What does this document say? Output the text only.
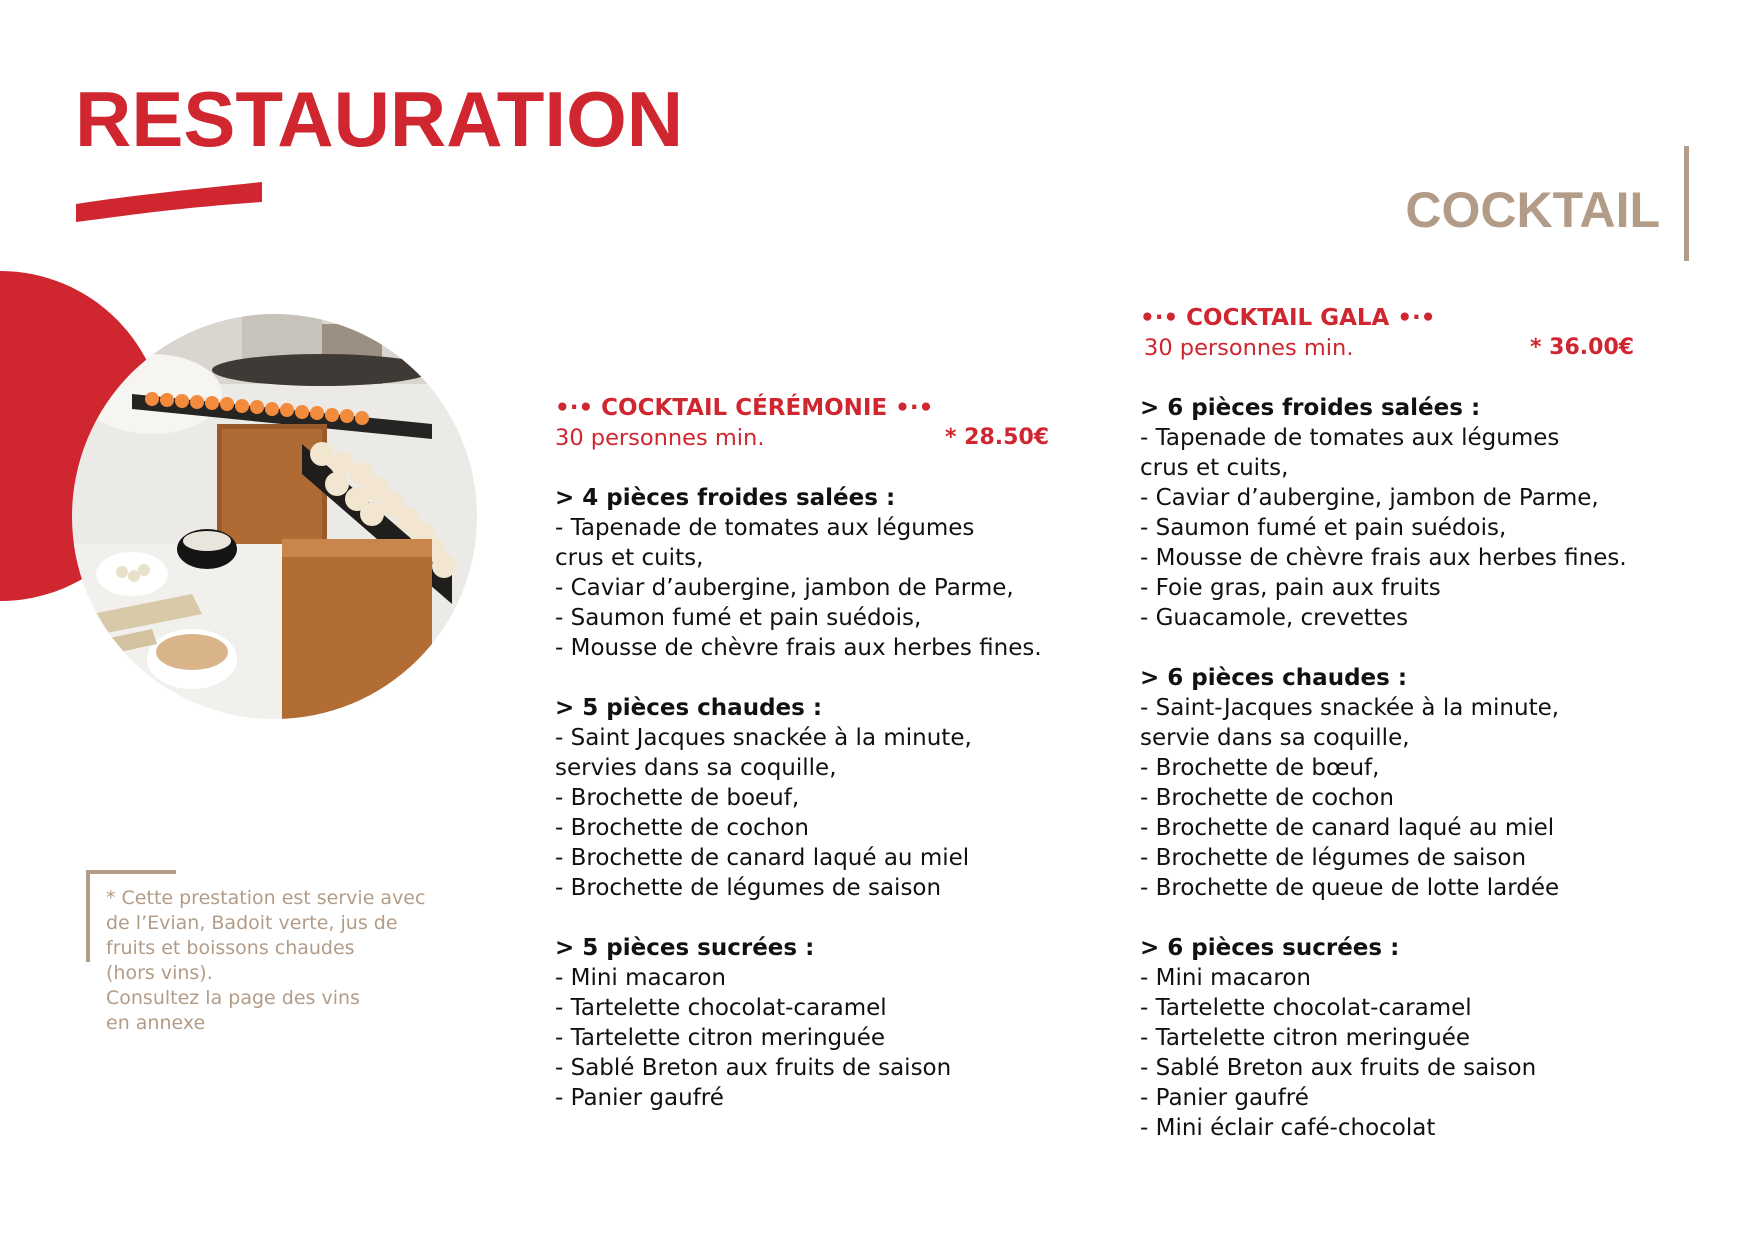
RESTAURATION
COCKTAIL

* Cette prestation est servie avec
de l’Evian, Badoit verte, jus de
fruits et boissons chaudes
(hors vins).
Consultez la page des vins
en annexe

•·• COCKTAIL CÉRÉMONIE •·•

30 personnes min.	* 28.50€

> 4 pièces froides salées :

- Tapenade de tomates aux légumes
crus et cuits,
- Caviar d’aubergine, jambon de Parme,
- Saumon fumé et pain suédois,
- Mousse de chèvre frais aux herbes fines.

> 5 pièces chaudes :

- Saint Jacques snackée à la minute,
servies dans sa coquille,
- Brochette de boeuf,
- Brochette de cochon
- Brochette de canard laqué au miel
- Brochette de légumes de saison

> 5 pièces sucrées :

- Mini macaron
- Tartelette chocolat-caramel
- Tartelette citron meringuée
- Sablé Breton aux fruits de saison
- Panier gaufré

•·• COCKTAIL GALA •·•

30 personnes min.	* 36.00€

> 6 pièces froides salées :

- Tapenade de tomates aux légumes
crus et cuits,
- Caviar d’aubergine, jambon de Parme,
- Saumon fumé et pain suédois,
- Mousse de chèvre frais aux herbes fines.
- Foie gras, pain aux fruits
- Guacamole, crevettes

> 6 pièces chaudes :

- Saint-Jacques snackée à la minute,
servie dans sa coquille,
- Brochette de bœuf,
- Brochette de cochon
- Brochette de canard laqué au miel
- Brochette de légumes de saison
- Brochette de queue de lotte lardée

> 6 pièces sucrées :

- Mini macaron
- Tartelette chocolat-caramel
- Tartelette citron meringuée
- Sablé Breton aux fruits de saison
- Panier gaufré
- Mini éclair café-chocolat
